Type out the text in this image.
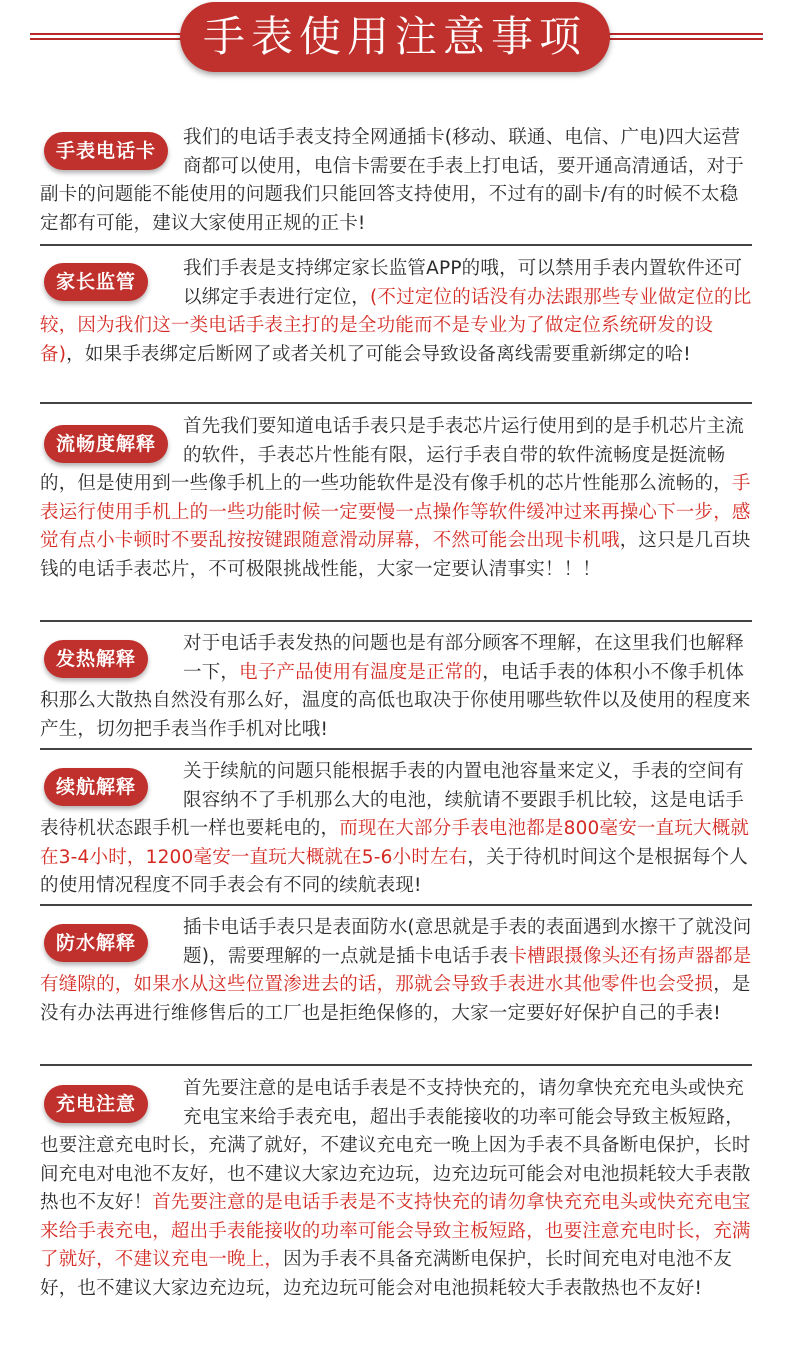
手表使用注意事项
手表电话卡

我们的电话手表支持全网通插卡(移动、联通、电信、广电)四大运营商都可以使用，电信卡需要在手表上打电话，要开通高清通话，对于副卡的问题能不能使用的问题我们只能回答支持使用，不过有的副卡/有的时候不太稳定都有可能，建议大家使用正规的正卡!

家长监管

我们手表是支持绑定家长监管APP的哦，可以禁用手表内置软件还可以绑定手表进行定位，(不过定位的话没有办法跟那些专业做定位的比较，因为我们这一类电话手表主打的是全功能而不是专业为了做定位系统研发的设备)，如果手表绑定后断网了或者关机了可能会导致设备离线需要重新绑定的哈!

流畅度解释

首先我们要知道电话手表只是手表芯片运行使用到的是手机芯片主流的软件，手表芯片性能有限，运行手表自带的软件流畅度是挺流畅的，但是使用到一些像手机上的一些功能软件是没有像手机的芯片性能那么流畅的，手表运行使用手机上的一些功能时候一定要慢一点操作等软件缓冲过来再操心下一步，感觉有点小卡顿时不要乱按按键跟随意滑动屏幕，不然可能会出现卡机哦，这只是几百块钱的电话手表芯片，不可极限挑战性能，大家一定要认清事实！！！

发热解释

对于电话手表发热的问题也是有部分顾客不理解，在这里我们也解释一下，电子产品使用有温度是正常的，电话手表的体积小不像手机体积那么大散热自然没有那么好，温度的高低也取决于你使用哪些软件以及使用的程度来产生，切勿把手表当作手机对比哦!

续航解释

关于续航的问题只能根据手表的内置电池容量来定义，手表的空间有限容纳不了手机那么大的电池，续航请不要跟手机比较，这是电话手表待机状态跟手机一样也要耗电的，而现在大部分手表电池都是800毫安一直玩大概就在3-4小时，1200毫安一直玩大概就在5-6小时左右，关于待机时间这个是根据每个人的使用情况程度不同手表会有不同的续航表现!

防水解释

插卡电话手表只是表面防水(意思就是手表的表面遇到水擦干了就没问题)，需要理解的一点就是插卡电话手表卡槽跟摄像头还有扬声器都是有缝隙的，如果水从这些位置渗进去的话，那就会导致手表进水其他零件也会受损，是没有办法再进行维修售后的工厂也是拒绝保修的，大家一定要好好保护自己的手表!

充电注意

首先要注意的是电话手表是不支持快充的，请勿拿快充充电头或快充充电宝来给手表充电，超出手表能接收的功率可能会导致主板短路，也要注意充电时长，充满了就好，不建议充电充一晚上因为手表不具备断电保护，长时间充电对电池不友好，也不建议大家边充边玩，边充边玩可能会对电池损耗较大手表散热也不友好！首先要注意的是电话手表是不支持快充的请勿拿快充充电头或快充充电宝来给手表充电，超出手表能接收的功率可能会导致主板短路，也要注意充电时长，充满了就好，不建议充电一晚上，因为手表不具备充满断电保护，长时间充电对电池不友好，也不建议大家边充边玩，边充边玩可能会对电池损耗较大手表散热也不友好!
